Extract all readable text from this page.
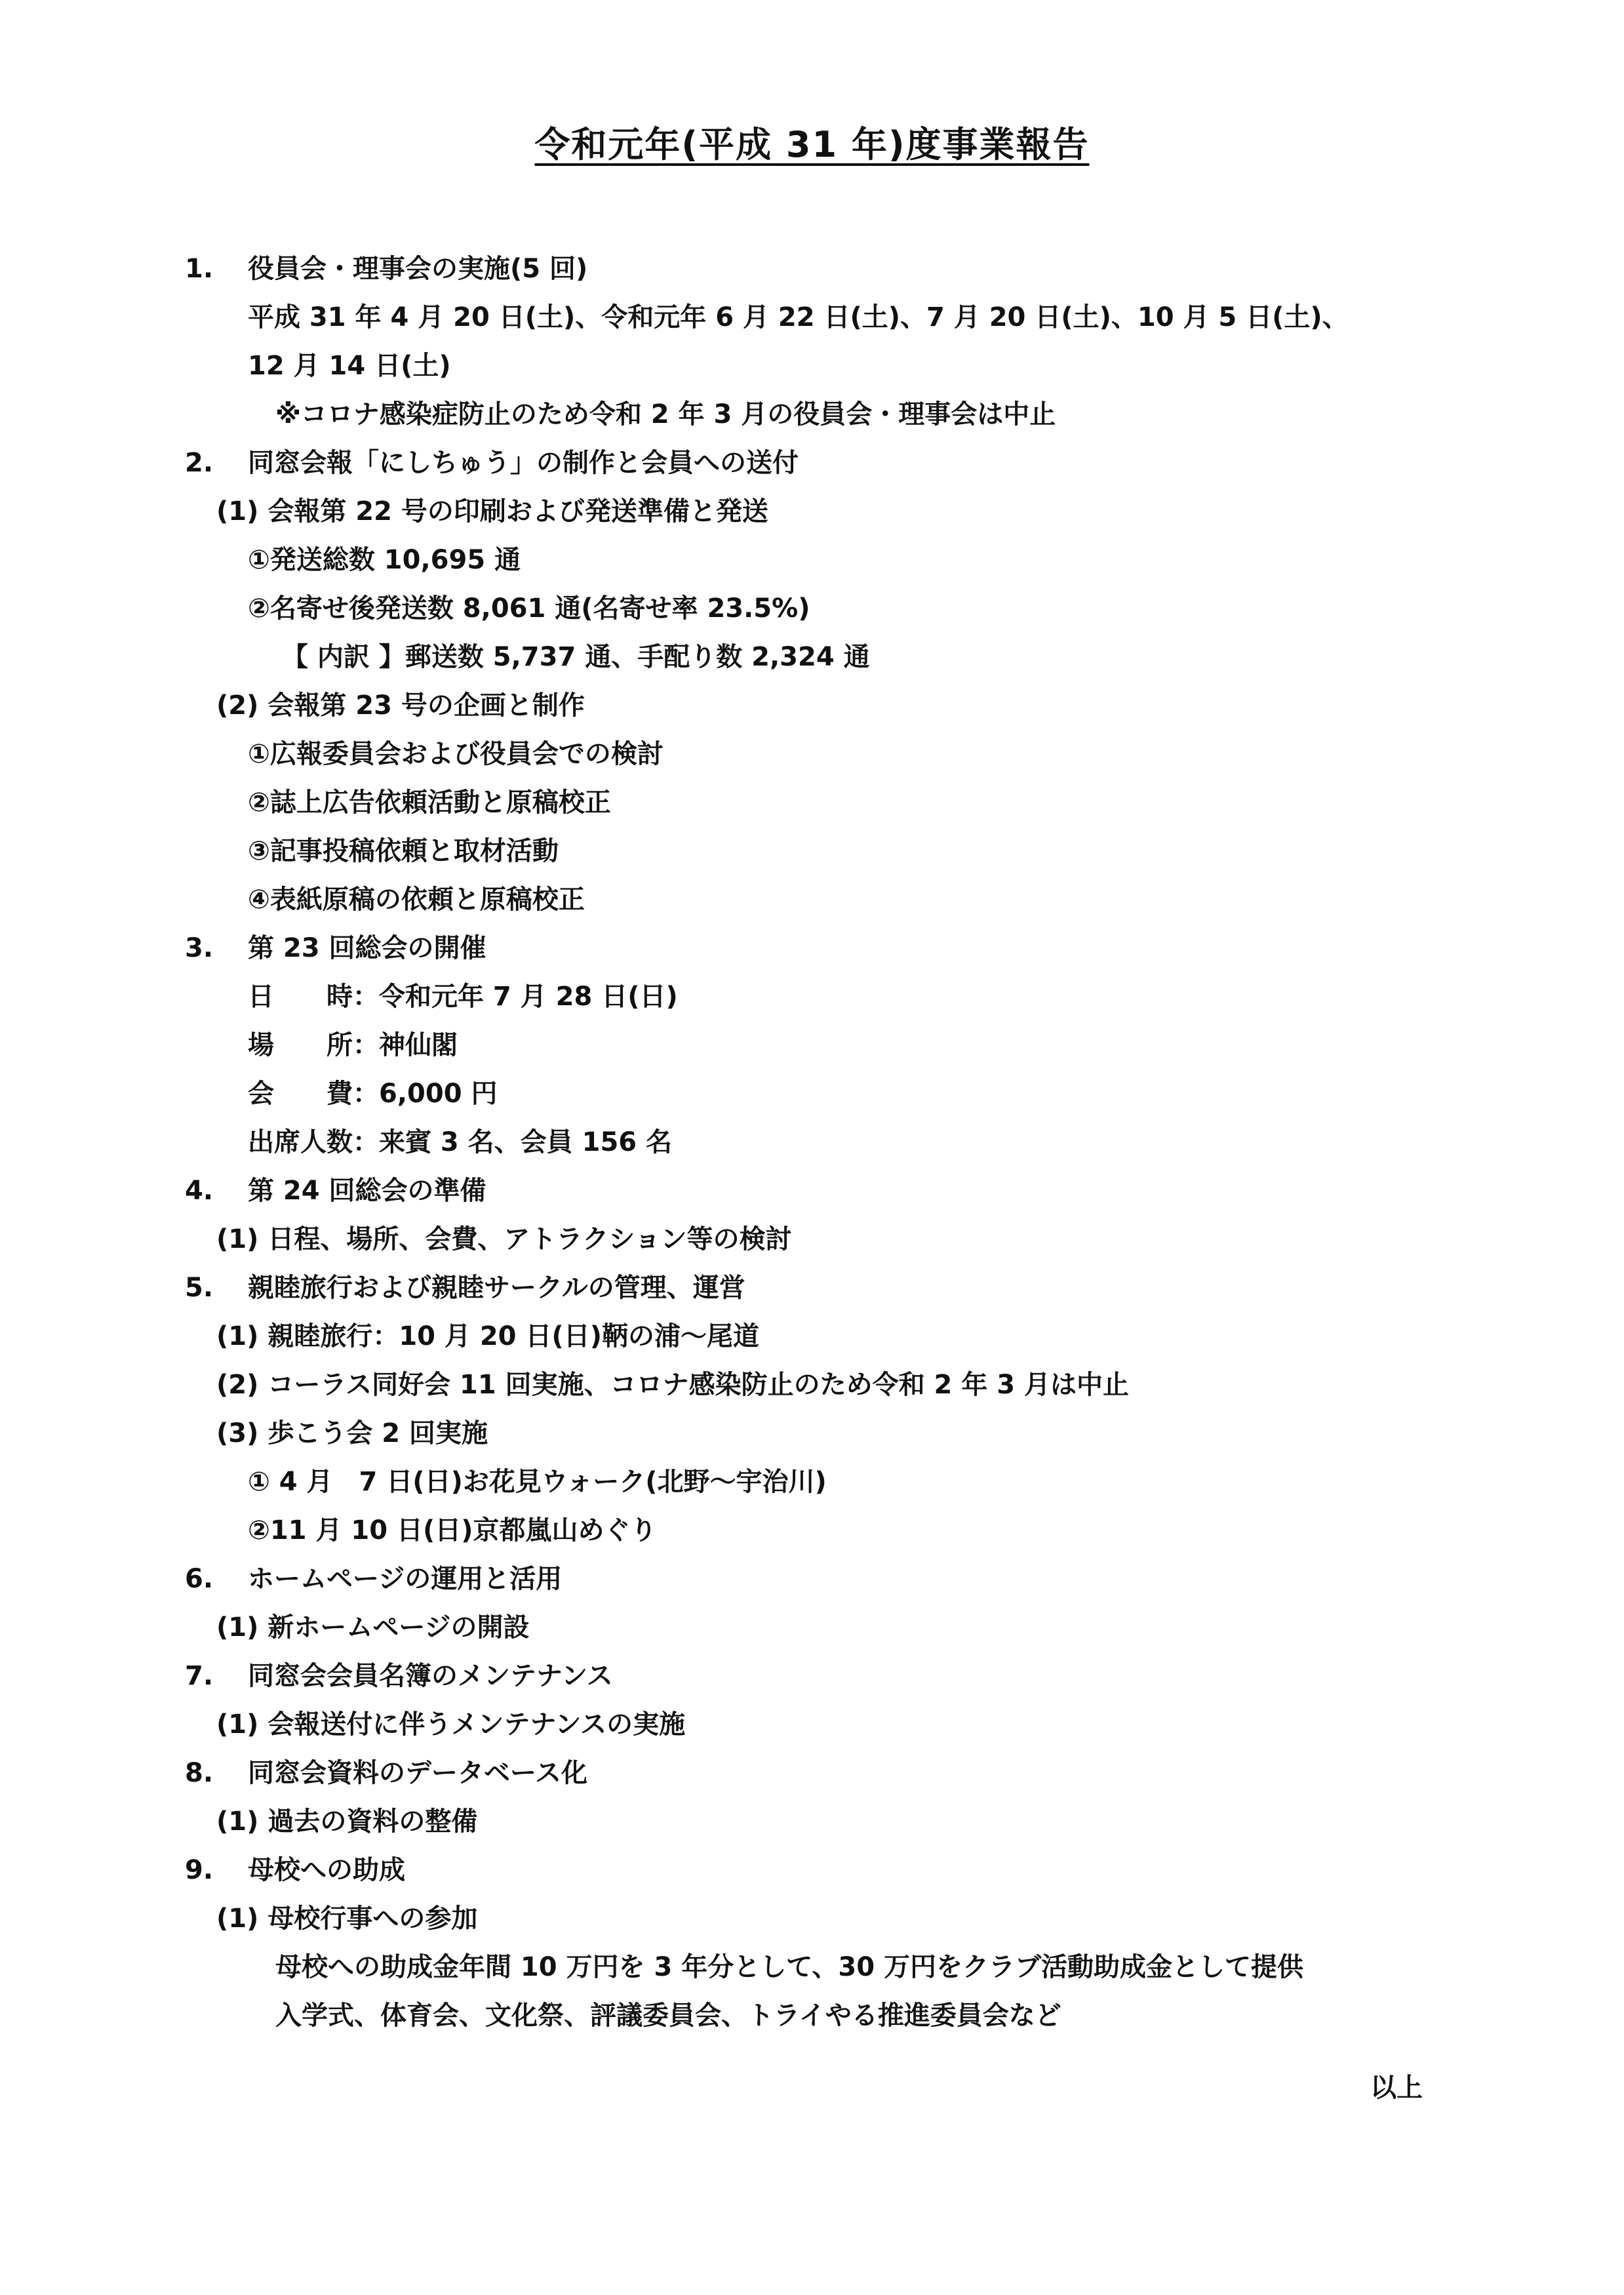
令和元年(平成 31 年)度事業報告
1. 役員会・理事会の実施(5 回)
平成 31 年 4 月 20 日(土)、令和元年 6 月 22 日(土)、7 月 20 日(土)、10 月 5 日(土)、
12 月 14 日(土)
※コロナ感染症防止のため令和 2 年 3 月の役員会・理事会は中止
2. 同窓会報「にしちゅう」の制作と会員への送付
(1) 会報第 22 号の印刷および発送準備と発送
①発送総数 10,695 通
②名寄せ後発送数 8,061 通(名寄せ率 23.5%)
【 内訳 】郵送数 5,737 通、手配り数 2,324 通
(2) 会報第 23 号の企画と制作
①広報委員会および役員会での検討
②誌上広告依頼活動と原稿校正
③記事投稿依頼と取材活動
④表紙原稿の依頼と原稿校正
3. 第 23 回総会の開催
日　　時：令和元年 7 月 28 日(日)
場　　所：神仙閣
会　　費：6,000 円
出席人数：来賓 3 名、会員 156 名
4. 第 24 回総会の準備
(1) 日程、場所、会費、アトラクション等の検討
5. 親睦旅行および親睦サークルの管理、運営
(1) 親睦旅行：10 月 20 日(日)鞆の浦～尾道
(2) コーラス同好会 11 回実施、コロナ感染防止のため令和 2 年 3 月は中止
(3) 歩こう会 2 回実施
① 4 月　7 日(日)お花見ウォーク(北野～宇治川)
②11 月 10 日(日)京都嵐山めぐり
6. ホームページの運用と活用
(1) 新ホームページの開設
7. 同窓会会員名簿のメンテナンス
(1) 会報送付に伴うメンテナンスの実施
8. 同窓会資料のデータベース化
(1) 過去の資料の整備
9. 母校への助成
(1) 母校行事への参加
母校への助成金年間 10 万円を 3 年分として、30 万円をクラブ活動助成金として提供
入学式、体育会、文化祭、評議委員会、トライやる推進委員会など
以上
